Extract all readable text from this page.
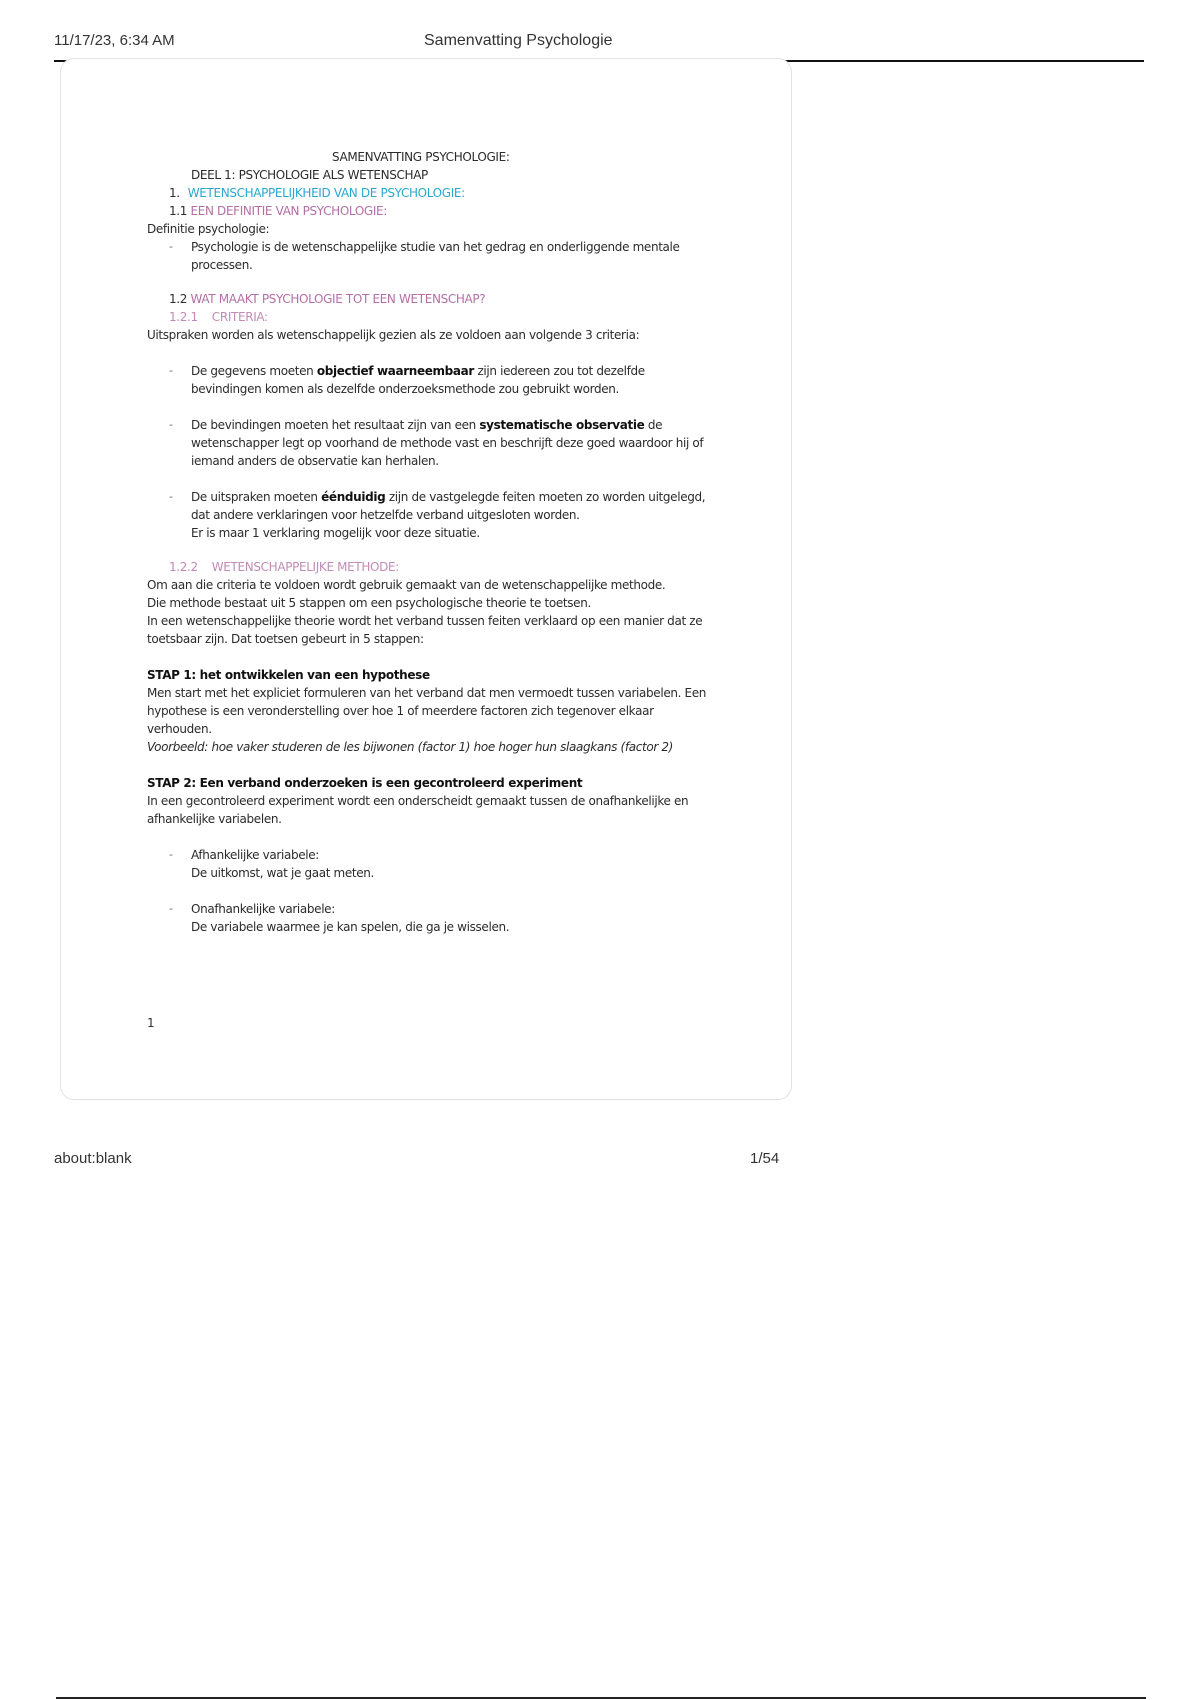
11/17/23, 6:34 AM	Samenvatting Psychologie
SAMENVATTING PSYCHOLOGIE:
DEEL 1: PSYCHOLOGIE ALS WETENSCHAP
1. WETENSCHAPPELIJKHEID VAN DE PSYCHOLOGIE:
1.1 EEN DEFINITIE VAN PSYCHOLOGIE:
Definitie psychologie:
- Psychologie is de wetenschappelijke studie van het gedrag en onderliggende mentale processen.
1.2 WAT MAAKT PSYCHOLOGIE TOT EEN WETENSCHAP?
1.2.1 CRITERIA:
Uitspraken worden als wetenschappelijk gezien als ze voldoen aan volgende 3 criteria:
- De gegevens moeten objectief waarneembaar zijn iedereen zou tot dezelfde bevindingen komen als dezelfde onderzoeksmethode zou gebruikt worden.
- De bevindingen moeten het resultaat zijn van een systematische observatie de wetenschapper legt op voorhand de methode vast en beschrijft deze goed waardoor hij of iemand anders de observatie kan herhalen.
- De uitspraken moeten éénduidig zijn de vastgelegde feiten moeten zo worden uitgelegd, dat andere verklaringen voor hetzelfde verband uitgesloten worden.
Er is maar 1 verklaring mogelijk voor deze situatie.
1.2.2 WETENSCHAPPELIJKE METHODE:
Om aan die criteria te voldoen wordt gebruik gemaakt van de wetenschappelijke methode.
Die methode bestaat uit 5 stappen om een psychologische theorie te toetsen.
In een wetenschappelijke theorie wordt het verband tussen feiten verklaard op een manier dat ze toetsbaar zijn. Dat toetsen gebeurt in 5 stappen:
STAP 1: het ontwikkelen van een hypothese
Men start met het expliciet formuleren van het verband dat men vermoedt tussen variabelen. Een hypothese is een veronderstelling over hoe 1 of meerdere factoren zich tegenover elkaar verhouden.
Voorbeeld: hoe vaker studeren de les bijwonen (factor 1) hoe hoger hun slaagkans (factor 2)
STAP 2: Een verband onderzoeken is een gecontroleerd experiment
In een gecontroleerd experiment wordt een onderscheidt gemaakt tussen de onafhankelijke en afhankelijke variabelen.
- Afhankelijke variabele:
De uitkomst, wat je gaat meten.
- Onafhankelijke variabele:
De variabele waarmee je kan spelen, die ga je wisselen.
1
about:blank	1/54
